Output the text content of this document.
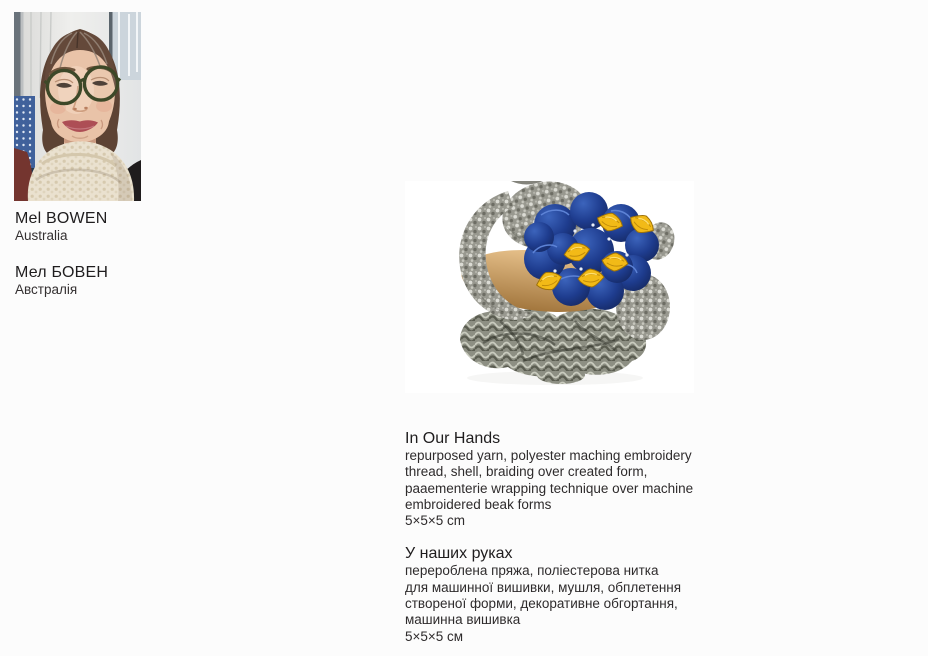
Mel BOWEN
Australia
Мел БОВЕН
Австралія
In Our Hands
repurposed yarn, polyester maching embroidery
thread, shell, braiding over created form,
paaementerie wrapping technique over machine
embroidered beak forms
5×5×5 cm
У наших руках
перероблена пряжа, поліестерова нитка
для машинної вишивки, мушля, обплетення
створеної форми, декоративне обгортання,
машинна вишивка
5×5×5 см
